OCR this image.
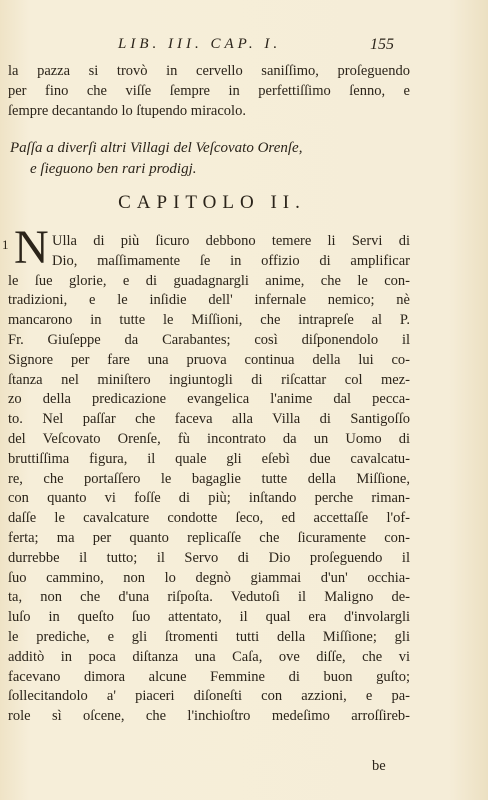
LIB. III. CAP. I.	155
la pazza si trovò in cervello saniſſimo, proſeguendo
per fino che viſſe ſempre in perfettiſſimo ſenno, e
ſempre decantando lo ſtupendo miracolo.
Paſſa a diverſi altri Villagi del Veſcovato Orenſe,
e ſieguono ben rari prodigj.
CAPITOLO II.
1 N Ulla di più ſicuro debbono temere li Servi di
Dio, maſſimamente ſe in offizio di amplificar
le ſue glorie, e di guadagnargli anime, che le con-
tradizioni, e le inſidie dell' infernale nemico; nè
mancarono in tutte le Miſſioni, che intrapreſe al P.
Fr. Giuſeppe da Carabantes; così diſponendolo il
Signore per fare una pruova continua della lui co-
ſtanza nel miniſtero ingiuntogli di riſcattar col mez-
zo della predicazione evangelica l'anime dal pecca-
to. Nel paſſar che faceva alla Villa di Santigoſſo
del Veſcovato Orenſe, fù incontrato da un Uomo di
bruttiſſima figura, il quale gli eſebì due cavalcatu-
re, che portaſſero le bagaglie tutte della Miſſione,
con quanto vi foſſe di più; inſtando perche riman-
daſſe le cavalcature condotte ſeco, ed accettaſſe l'of-
ferta; ma per quanto replicaſſe che ſicuramente con-
durrebbe il tutto; il Servo di Dio proſeguendo il
ſuo cammino, non lo degnò giammai d'un' occhia-
ta, non che d'una riſpoſta. Vedutoſi il Maligno de-
luſo in queſto ſuo attentato, il qual era d'involargli
le prediche, e gli ſtromenti tutti della Miſſione; gli
additò in poca diſtanza una Caſa, ove diſſe, che vi
facevano dimora alcune Femmine di buon guſto;
ſollecitandolo a' piaceri diſoneſti con azzioni, e pa-
role sì oſcene, che l'inchioſtro medeſimo arroſſireb-
be
